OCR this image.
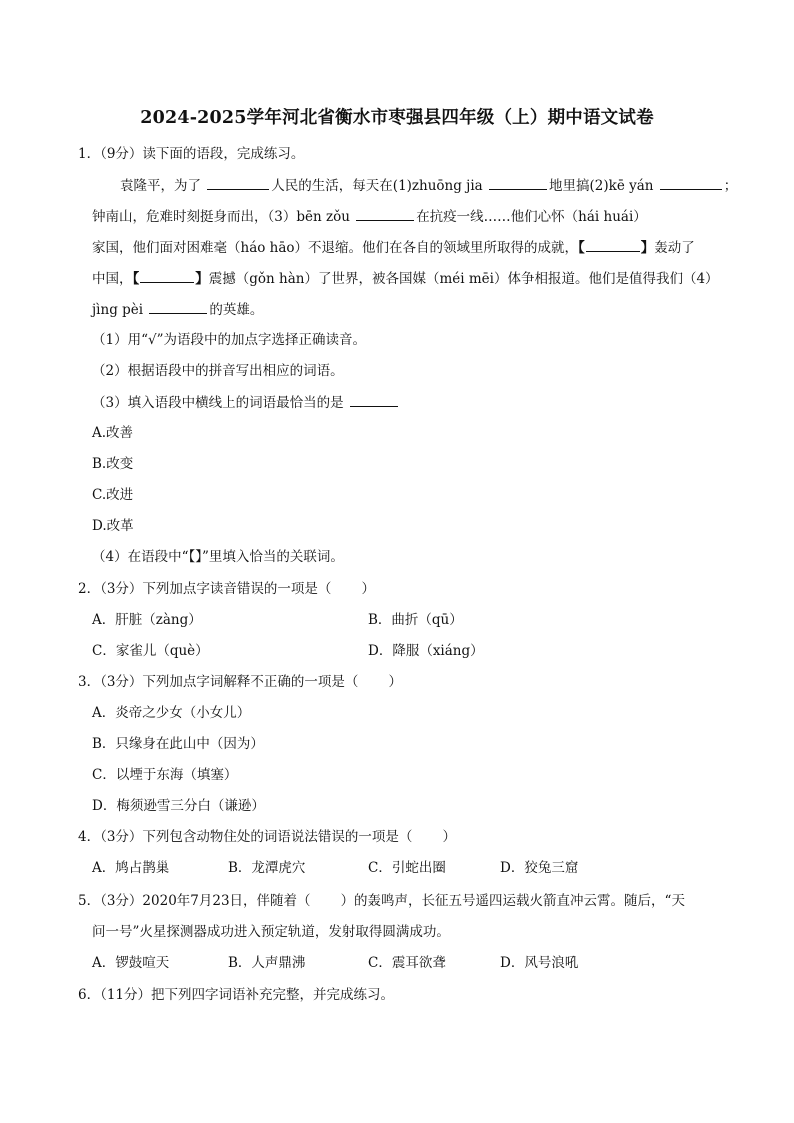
2024-2025学年河北省衡水市枣强县四年级（上）期中语文试卷
1．（9分）读下面的语段，完成练习。
袁隆平，为了	人民的生活，每天在(1)zhuōng jia	地里搞(2)kē yán	；
钟南山，危难时刻挺身而出，（3）bēn zǒu	在抗疫一线……他们心怀（hái huái）
家国，他们面对困难毫（háo hāo）不退缩。他们在各自的领域里所取得的成就，【	】轰动了
中国，【	】震撼（gǒn hàn）了世界，被各国媒（méi mēi）体争相报道。他们是值得我们（4）
jìng pèi	的英雄。
（1）用“√”为语段中的加点字选择正确读音。
（2）根据语段中的拼音写出相应的词语。
（3）填入语段中横线上的词语最恰当的是
A.改善
B.改变
C.改进
D.改革
（4）在语段中“【】”里填入恰当的关联词。
2．（3分）下列加点字读音错误的一项是（ ）
A．肝脏（zàng）	B．曲折（qū）
C．家雀儿（què）	D．降服（xiáng）
3．（3分）下列加点字词解释不正确的一项是（ ）
A．炎帝之少女（小女儿）
B．只缘身在此山中（因为）
C．以堙于东海（填塞）
D．梅须逊雪三分白（谦逊）
4．（3分）下列包含动物住处的词语说法错误的一项是（ ）
A．鸠占鹊巢	B．龙潭虎穴	C．引蛇出圈	D．狡兔三窟
5．（3分）2020年7月23日，伴随着（ ）的轰鸣声，长征五号遥四运载火箭直冲云霄。随后，“天
问一号”火星探测器成功进入预定轨道，发射取得圆满成功。
A．锣鼓喧天	B．人声鼎沸	C．震耳欲聋	D．风号浪吼
6．（11分）把下列四字词语补充完整，并完成练习。
